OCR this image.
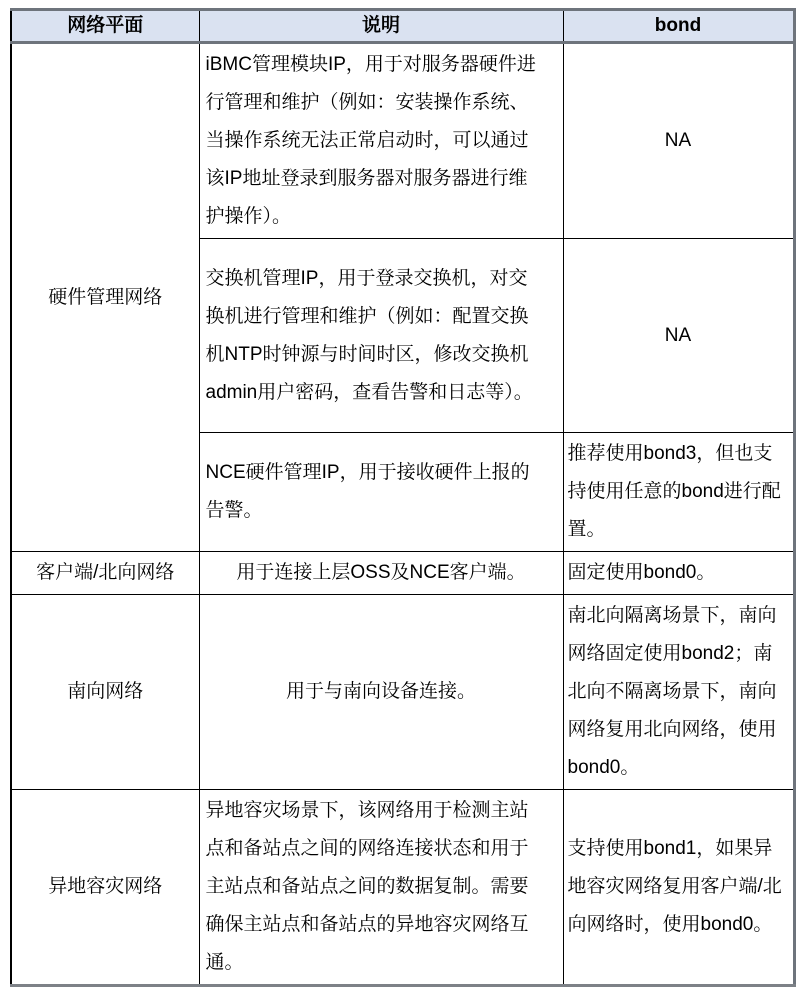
网络平面	说明	bond
硬件管理网络	iBMC管理模块IP，用于对服务器硬件进行管理和维护（例如：安装操作系统、当操作系统无法正常启动时，可以通过该IP地址登录到服务器对服务器进行维护操作）。	NA
	交换机管理IP，用于登录交换机，对交换机进行管理和维护（例如：配置交换机NTP时钟源与时间时区，修改交换机admin用户密码，查看告警和日志等）。	NA
	NCE硬件管理IP，用于接收硬件上报的告警。	推荐使用bond3，但也支持使用任意的bond进行配置。
客户端/北向网络	用于连接上层OSS及NCE客户端。	固定使用bond0。
南向网络	用于与南向设备连接。	南北向隔离场景下，南向网络固定使用bond2；南北向不隔离场景下，南向网络复用北向网络，使用bond0。
异地容灾网络	异地容灾场景下，该网络用于检测主站点和备站点之间的网络连接状态和用于主站点和备站点之间的数据复制。需要确保主站点和备站点的异地容灾网络互通。	支持使用bond1，如果异地容灾网络复用客户端/北向网络时，使用bond0。
